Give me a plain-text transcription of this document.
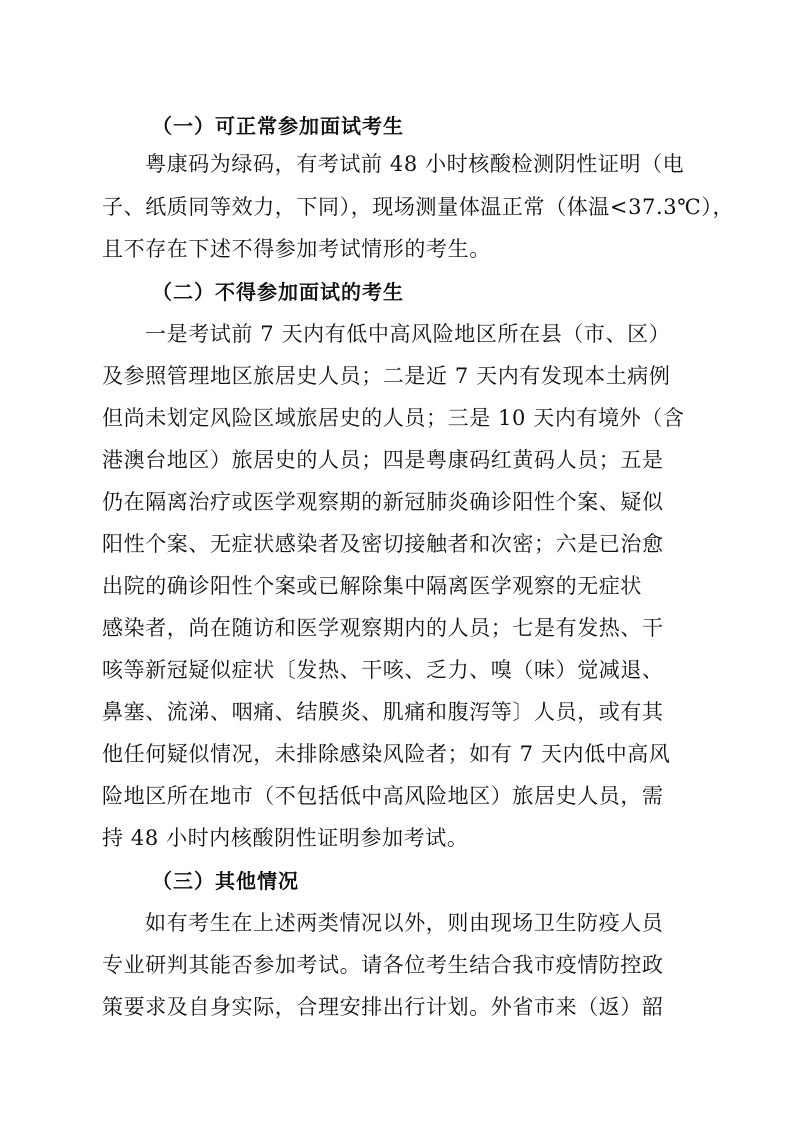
（一）可正常参加面试考生
粤康码为绿码，有考试前 48 小时核酸检测阴性证明（电
子、纸质同等效力，下同），现场测量体温正常（体温<37.3℃），
且不存在下述不得参加考试情形的考生。
（二）不得参加面试的考生
一是考试前 7 天内有低中高风险地区所在县（市、区）
及参照管理地区旅居史人员；二是近 7 天内有发现本土病例
但尚未划定风险区域旅居史的人员；三是 10 天内有境外（含
港澳台地区）旅居史的人员；四是粤康码红黄码人员；五是
仍在隔离治疗或医学观察期的新冠肺炎确诊阳性个案、疑似
阳性个案、无症状感染者及密切接触者和次密；六是已治愈
出院的确诊阳性个案或已解除集中隔离医学观察的无症状
感染者，尚在随访和医学观察期内的人员；七是有发热、干
咳等新冠疑似症状〔发热、干咳、乏力、嗅（味）觉减退、
鼻塞、流涕、咽痛、结膜炎、肌痛和腹泻等〕人员，或有其
他任何疑似情况，未排除感染风险者；如有 7 天内低中高风
险地区所在地市（不包括低中高风险地区）旅居史人员，需
持 48 小时内核酸阴性证明参加考试。
（三）其他情况
如有考生在上述两类情况以外，则由现场卫生防疫人员
专业研判其能否参加考试。请各位考生结合我市疫情防控政
策要求及自身实际，合理安排出行计划。外省市来（返）韶
